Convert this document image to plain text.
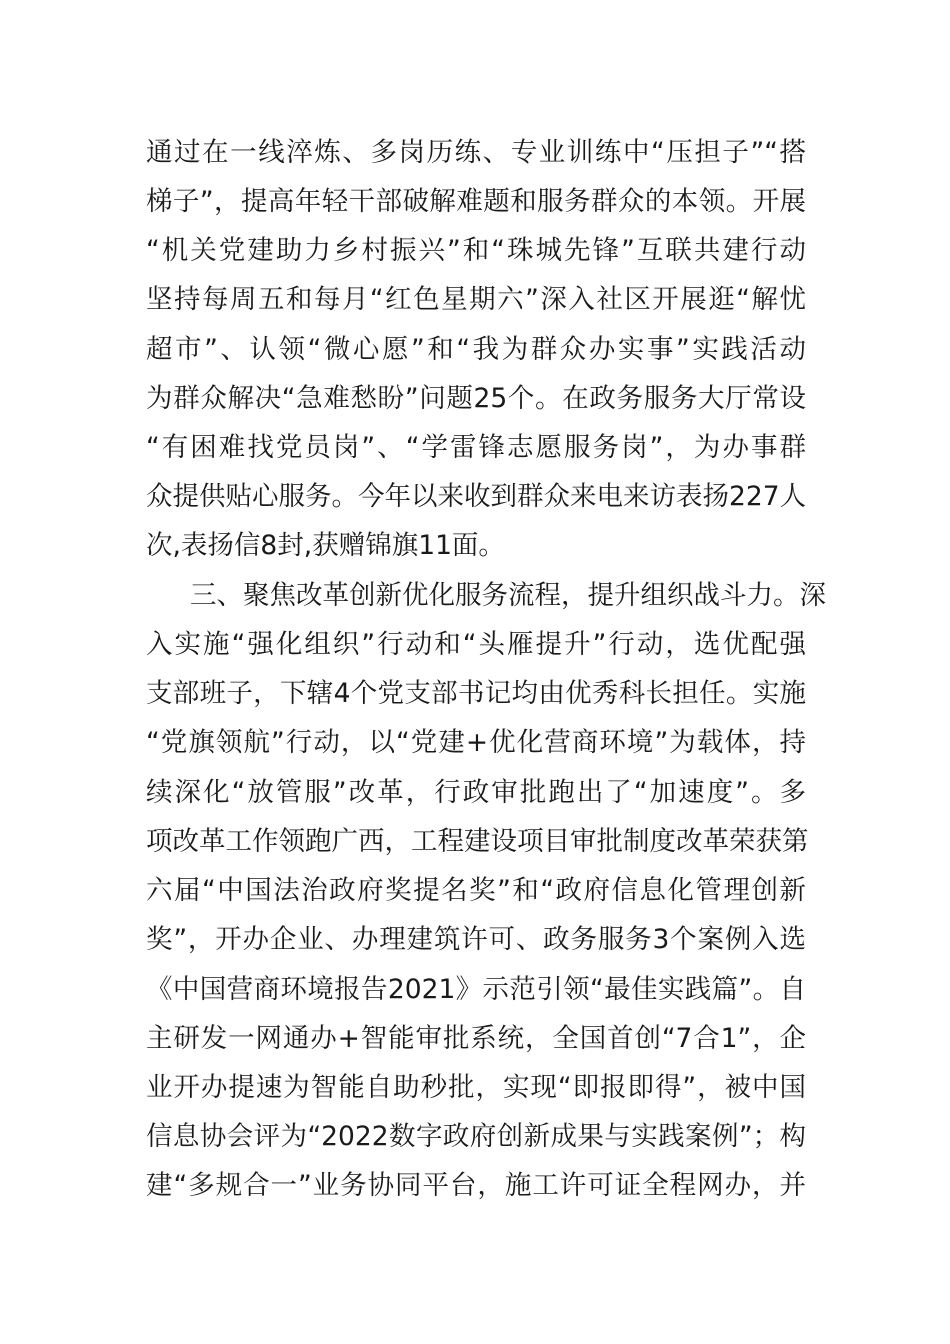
通过在一线淬炼、多岗历练、专业训练中“压担子”“搭
梯子”，提高年轻干部破解难题和服务群众的本领。开展
“机关党建助力乡村振兴”和“珠城先锋”互联共建行动
坚持每周五和每月“红色星期六”深入社区开展逛“解忧
超市”、认领“微心愿”和“我为群众办实事”实践活动
为群众解决“急难愁盼”问题25个。在政务服务大厅常设
“有困难找党员岗”、“学雷锋志愿服务岗”，为办事群
众提供贴心服务。今年以来收到群众来电来访表扬227人
次,表扬信8封,获赠锦旗11面。
三、聚焦改革创新优化服务流程，提升组织战斗力。深
入实施“强化组织”行动和“头雁提升”行动，选优配强
支部班子，下辖4个党支部书记均由优秀科长担任。实施
“党旗领航”行动，以“党建+优化营商环境”为载体，持
续深化“放管服”改革，行政审批跑出了“加速度”。多
项改革工作领跑广西，工程建设项目审批制度改革荣获第
六届“中国法治政府奖提名奖”和“政府信息化管理创新
奖”，开办企业、办理建筑许可、政务服务3个案例入选
《中国营商环境报告2021》示范引领“最佳实践篇”。自
主研发一网通办+智能审批系统，全国首创“7合1”，企
业开办提速为智能自助秒批，实现“即报即得”，被中国
信息协会评为“2022数字政府创新成果与实践案例”；构
建“多规合一”业务协同平台，施工许可证全程网办，并
